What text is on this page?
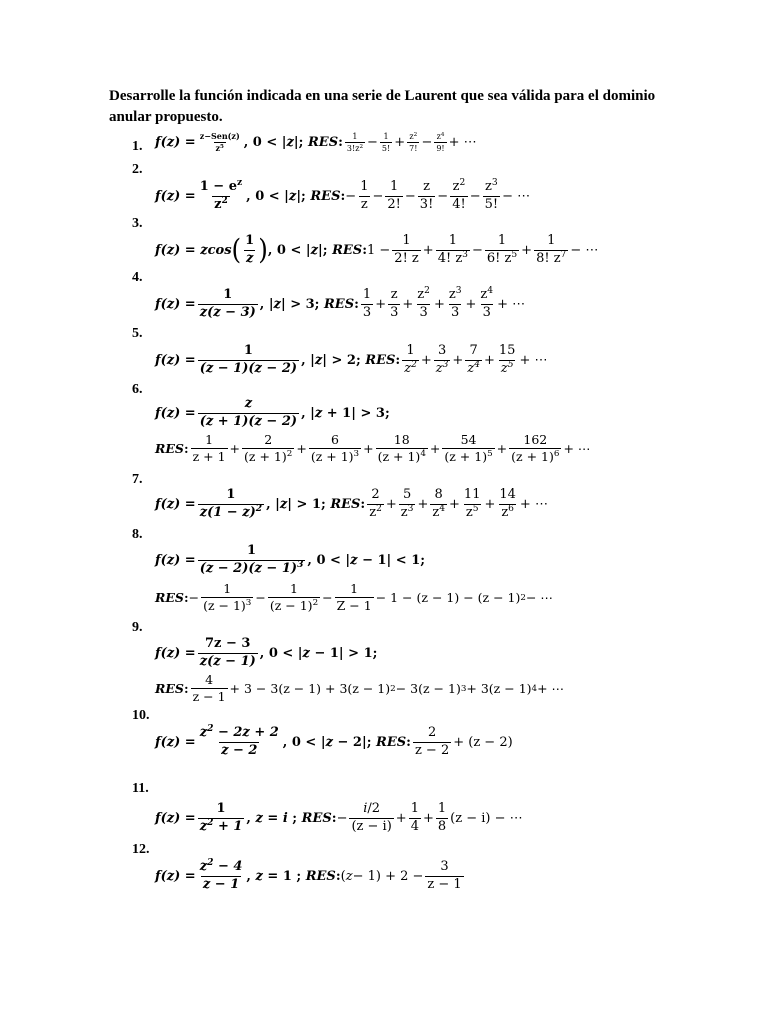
Desarrolle la función indicada en una serie de Laurent que sea válida para el dominio anular propuesto.
1. $f(z) = \frac{\text{z−Sen(z)}}{z^5}$ , 0 < |z|; RES: $\frac{1}{3!z^2} - \frac{1}{5!} + \frac{z^2}{7!} - \frac{z^4}{9!}$ + ⋯
2.
$f(z) = \frac{1 - e^z}{z^2}$ , 0 < |z|; RES: − $\frac{1}{z} - \frac{1}{2!} - \frac{z}{3!} - \frac{z^2}{4!} - \frac{z^3}{5!}$ − ⋯
3.
f(z) = zcos ( $\frac{1}{z}$ ) , 0 < |z|; RES: $1 - \frac{1}{2! z} + \frac{1}{4! z^3} - \frac{1}{6! z^5} + \frac{1}{8! z^7}$ − ⋯
4.
$f(z) = \frac{1}{z(z - 3)}$ , |z| > 3; RES: $\frac{1}{3} + \frac{z}{3} + \frac{z^2}{3} + \frac{z^3}{3} + \frac{z^4}{3}$ + ⋯
5.
$f(z) = \frac{1}{(z - 1)(z - 2)}$ , |z| > 2; RES: $\frac{1}{z^2} + \frac{3}{z^3} + \frac{7}{z^4} + \frac{15}{z^5}$ + ⋯
6.
$f(z) = \frac{z}{(z + 1)(z - 2)}$ , |z + 1| > 3;
RES : $\frac{1}{z + 1} + \frac{2}{(z + 1)^2} + \frac{6}{(z + 1)^3} + \frac{18}{(z + 1)^4} + \frac{54}{(z + 1)^5} + \frac{162}{(z + 1)^6}$ + ⋯
7.
$f(z) = \frac{1}{z(1 - z)^2}$ , |z| > 1; RES: $\frac{2}{z^2} + \frac{5}{z^3} + \frac{8}{z^4} + \frac{11}{z^5} + \frac{14}{z^6}$ + ⋯
8.
$f(z) = \frac{1}{(z - 2)(z - 1)^3}$ , 0 < |z − 1| < 1;
RES : − $\frac{1}{(z - 1)^3} - \frac{1}{(z - 1)^2} - \frac{1}{Z - 1} - 1 - (z - 1) - (z - 1) 2$ − ⋯
9.
$f(z) = \frac{7z - 3}{z(z - 1)}$ , 0 < |z − 1| > 1;
RES : $\frac{4}{z - 1} + 3 - 3(z - 1) + 3(z - 1) 2 - 3(z - 1) 3 + 3(z - 1) 4$ + ⋯
10.
$f(z) = \frac{z^2 - 2z + 2}{z - 2}$ , 0 < |z − 2|; RES: $\frac{2}{z - 2} + (z - 2)$
11.
$f(z) = \frac{1}{z^2 + 1}$ , z = i ; RES: − $\frac{i/2}{(z - i)} + \frac{1}{4} + \frac{1}{8} (z - i)$ − ⋯
12.
$f(z) = \frac{z^2 - 4}{z - 1}$ , z = 1 ; RES: ( $z - 1) + 2 - \frac{3}{z - 1}$
